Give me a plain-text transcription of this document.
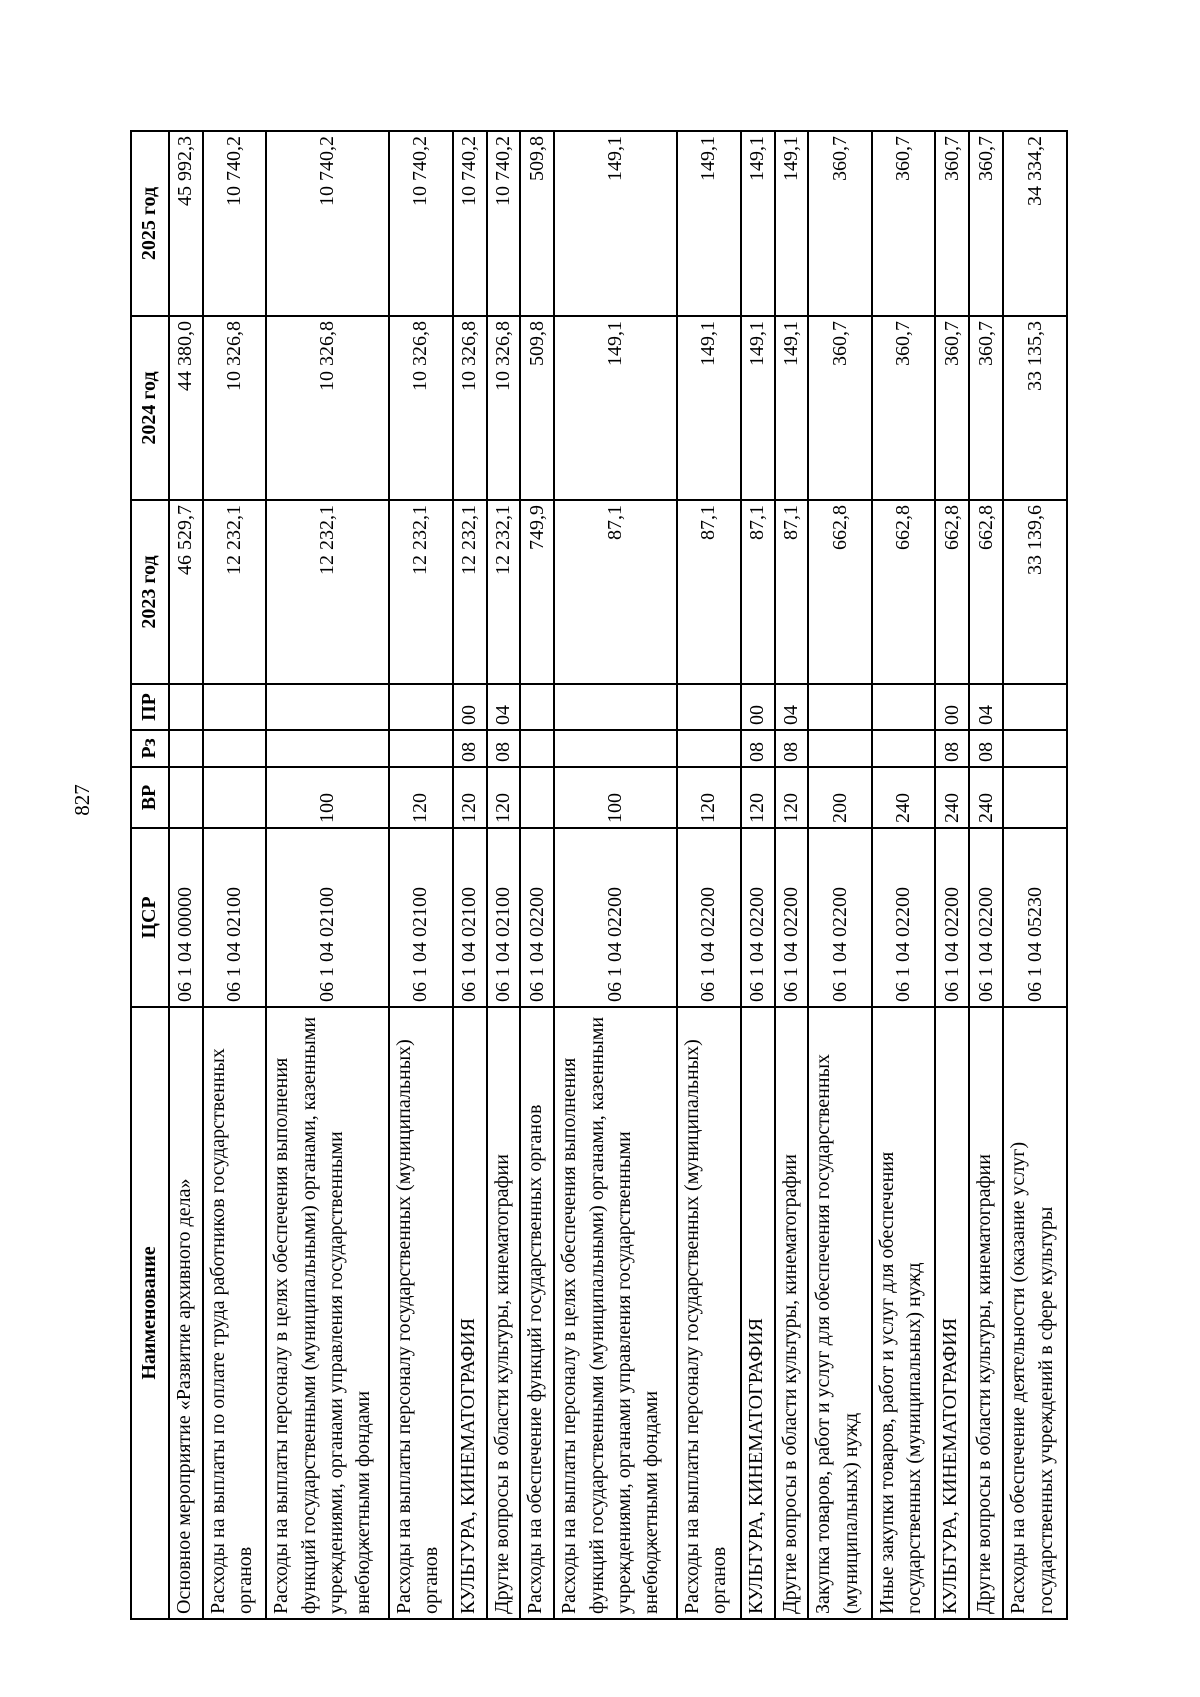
827
Наименование	ЦСР	ВР	Рз	ПР	2023 год	2024 год	2025 год
Основное мероприятие «Развитие архивного дела»	06 1 04 00000				46 529,7	44 380,0	45 992,3
Расходы на выплаты по оплате труда работников государственных органов	06 1 04 02100				12 232,1	10 326,8	10 740,2
Расходы на выплаты персоналу в целях обеспечения выполнения функций государственными (муниципальными) органами, казенными учреждениями, органами управления государственными внебюджетными фондами	06 1 04 02100	100			12 232,1	10 326,8	10 740,2
Расходы на выплаты персоналу государственных (муниципальных) органов	06 1 04 02100	120			12 232,1	10 326,8	10 740,2
КУЛЬТУРА, КИНЕМАТОГРАФИЯ	06 1 04 02100	120	08	00	12 232,1	10 326,8	10 740,2
Другие вопросы в области культуры, кинематографии	06 1 04 02100	120	08	04	12 232,1	10 326,8	10 740,2
Расходы на обеспечение функций государственных органов	06 1 04 02200				749,9	509,8	509,8
Расходы на выплаты персоналу в целях обеспечения выполнения функций государственными (муниципальными) органами, казенными учреждениями, органами управления государственными внебюджетными фондами	06 1 04 02200	100			87,1	149,1	149,1
Расходы на выплаты персоналу государственных (муниципальных) органов	06 1 04 02200	120			87,1	149,1	149,1
КУЛЬТУРА, КИНЕМАТОГРАФИЯ	06 1 04 02200	120	08	00	87,1	149,1	149,1
Другие вопросы в области культуры, кинематографии	06 1 04 02200	120	08	04	87,1	149,1	149,1
Закупка товаров, работ и услуг для обеспечения государственных (муниципальных) нужд	06 1 04 02200	200			662,8	360,7	360,7
Иные закупки товаров, работ и услуг для обеспечения государственных (муниципальных) нужд	06 1 04 02200	240			662,8	360,7	360,7
КУЛЬТУРА, КИНЕМАТОГРАФИЯ	06 1 04 02200	240	08	00	662,8	360,7	360,7
Другие вопросы в области культуры, кинематографии	06 1 04 02200	240	08	04	662,8	360,7	360,7
Расходы на обеспечение деятельности (оказание услуг) государственных учреждений в сфере культуры	06 1 04 05230				33 139,6	33 135,3	34 334,2
